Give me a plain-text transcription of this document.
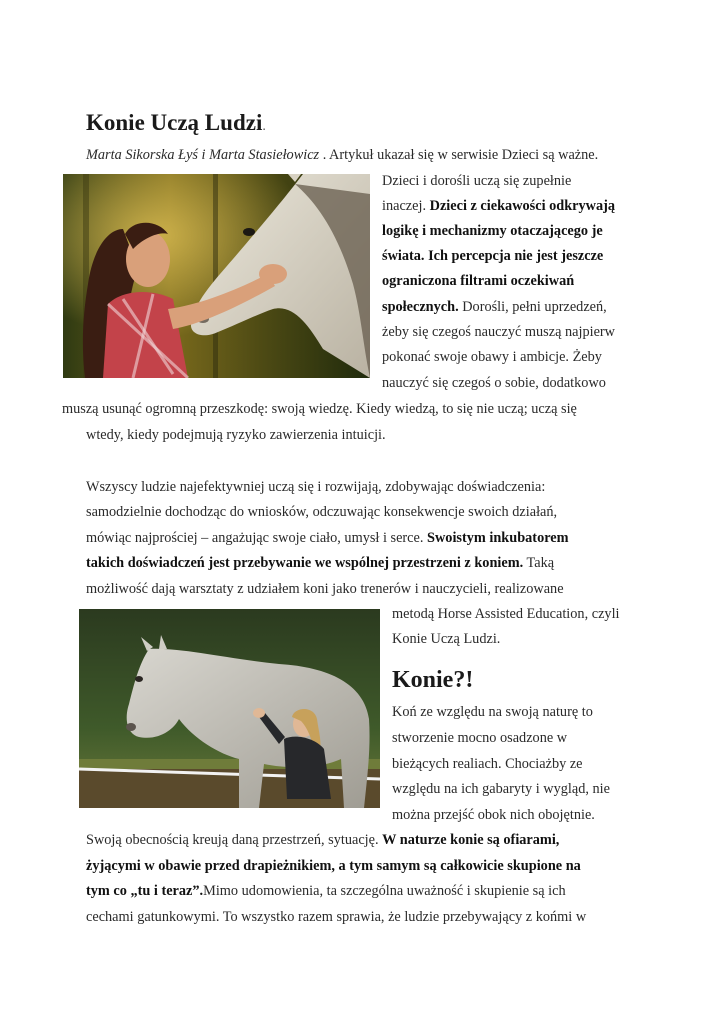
Konie Uczą Ludzi.
Marta Sikorska Łyś i Marta Stasiełowicz . Artykuł ukazał się w serwisie Dzieci są ważne.
Dzieci i dorośli uczą się zupełnie
inaczej. Dzieci z ciekawości odkrywają
logikę i mechanizmy otaczającego je
świata. Ich percepcja nie jest jeszcze
ograniczona filtrami oczekiwań
społecznych. Dorośli, pełni uprzedzeń,
żeby się czegoś nauczyć muszą najpierw
pokonać swoje obawy i ambicje. Żeby
nauczyć się czegoś o sobie, dodatkowo
muszą usunąć ogromną przeszkodę: swoją wiedzę. Kiedy wiedzą, to się nie uczą; uczą się
wtedy, kiedy podejmują ryzyko zawierzenia intuicji.
Wszyscy ludzie najefektywniej uczą się i rozwijają, zdobywając doświadczenia:
samodzielnie dochodząc do wniosków, odczuwając konsekwencje swoich działań,
mówiąc najprościej – angażując swoje ciało, umysł i serce. Swoistym inkubatorem
takich doświadczeń jest przebywanie we wspólnej przestrzeni z koniem. Taką
możliwość dają warsztaty z udziałem koni jako trenerów i nauczycieli, realizowane
metodą Horse Assisted Education, czyli
Konie Uczą Ludzi.
Konie?!
Koń ze względu na swoją naturę to
stworzenie mocno osadzone w
bieżących realiach. Chociażby ze
względu na ich gabaryty i wygląd, nie
można przejść obok nich obojętnie.
Swoją obecnością kreują daną przestrzeń, sytuację. W naturze konie są ofiarami,
żyjącymi w obawie przed drapieżnikiem, a tym samym są całkowicie skupione na
tym co „tu i teraz”.Mimo udomowienia, ta szczególna uważność i skupienie są ich
cechami gatunkowymi. To wszystko razem sprawia, że ludzie przebywający z końmi w
